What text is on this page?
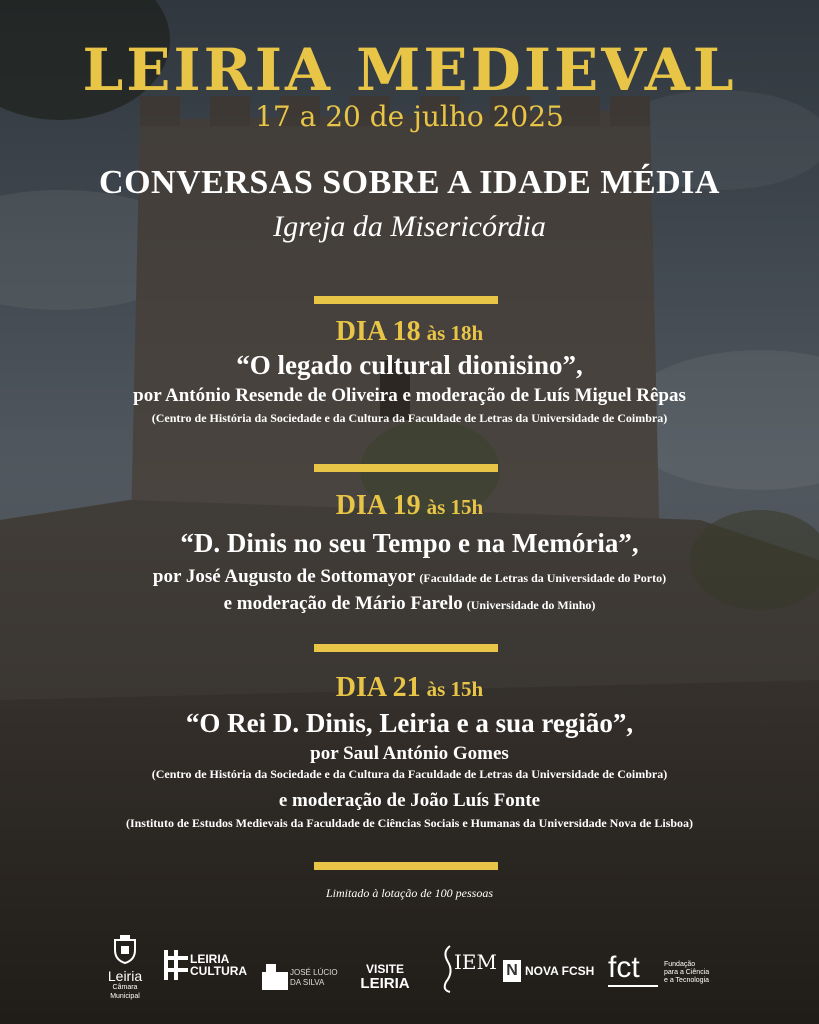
LEIRIA MEDIEVAL
17 a 20 de julho 2025
CONVERSAS SOBRE A IDADE MÉDIA
Igreja da Misericórdia
DIA 18 às 18h
“O legado cultural dionisino”,
por António Resende de Oliveira e moderação de Luís Miguel Rêpas
(Centro de História da Sociedade e da Cultura da Faculdade de Letras da Universidade de Coimbra)
DIA 19 às 15h
“D. Dinis no seu Tempo e na Memória”,
por José Augusto de Sottomayor (Faculdade de Letras da Universidade do Porto)
e moderação de Mário Farelo (Universidade do Minho)
DIA 21 às 15h
“O Rei D. Dinis, Leiria e a sua região”,
por Saul António Gomes
(Centro de História da Sociedade e da Cultura da Faculdade de Letras da Universidade de Coimbra)
e moderação de João Luís Fonte
(Instituto de Estudos Medievais da Faculdade de Ciências Sociais e Humanas da Universidade Nova de Lisboa)
Limitado à lotação de 100 pessoas
Leiria
Câmara Municipal
LEIRIA
CULTURA	JOSÉ LÚCIO
DA SILVA
VISITE
LEIRIA
IEM N NOVA FCSH fct	Fundação
para a Ciência
e a Tecnologia
